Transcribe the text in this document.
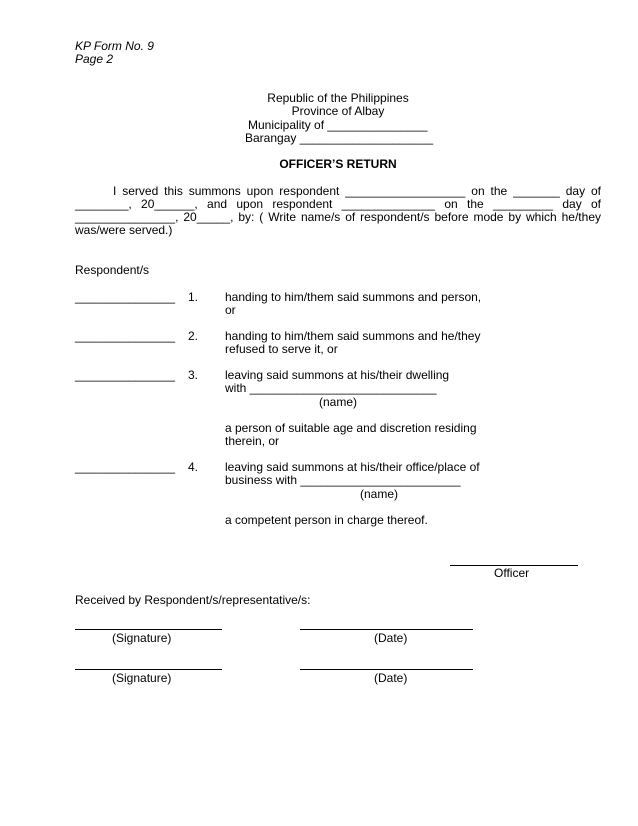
KP Form No. 9
Page 2
Republic of the Philippines
Province of Albay
Municipality of _______________
Barangay ____________________
OFFICER’S RETURN
I served this summons upon respondent __________________ on the _______ day of
________, 20______, and upon respondent ______________ on the _________ day of
_______________, 20_____, by: ( Write name/s of respondent/s before mode by which he/they
was/were served.)
Respondent/s
_______________ 1. handing to him/them said summons and person,
or
_______________ 2. handing to him/them said summons and he/they
refused to serve it, or
_______________ 3. leaving said summons at his/their dwelling
with ____________________________
(name)
a person of suitable age and discretion residing
therein, or
_______________ 4. leaving said summons at his/their office/place of
business with ________________________
(name)
a competent person in charge thereof.
Officer
Received by Respondent/s/representative/s:
(Signature)	(Date)
(Signature)	(Date)
